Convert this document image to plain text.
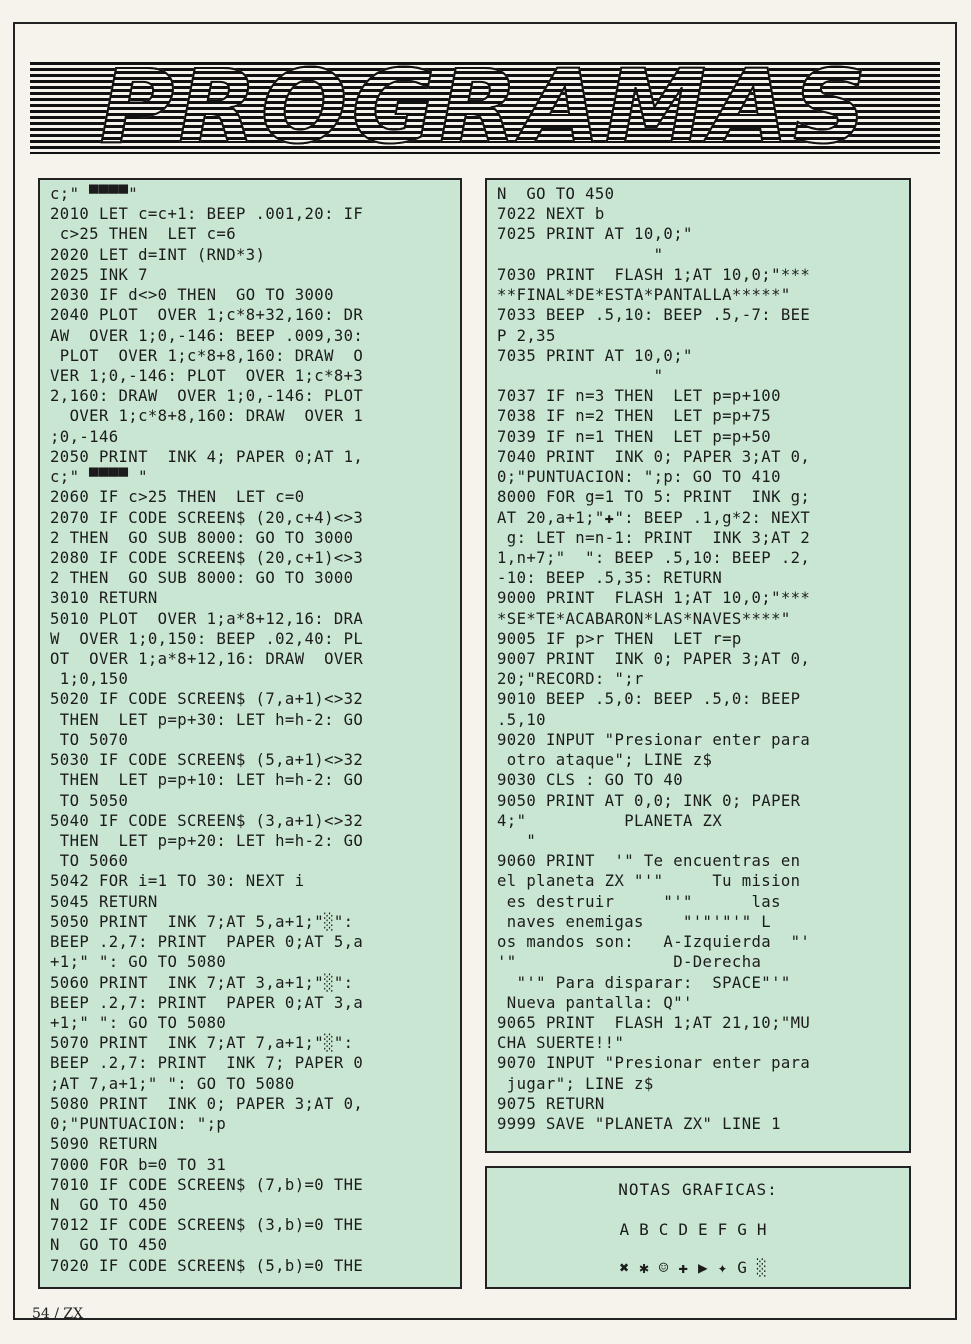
PROGRAMAS
c;" ▀▀▀▀"
2010 LET c=c+1: BEEP .001,20: IF
c>25 THEN  LET c=6
2020 LET d=INT (RND*3)
2025 INK 7
2030 IF d<>0 THEN  GO TO 3000
2040 PLOT  OVER 1;c*8+32,160: DR
AW  OVER 1;0,-146: BEEP .009,30:
PLOT  OVER 1;c*8+8,160: DRAW  O
VER 1;0,-146: PLOT  OVER 1;c*8+3
2,160: DRAW  OVER 1;0,-146: PLOT
OVER 1;c*8+8,160: DRAW  OVER 1
;0,-146
2050 PRINT  INK 4; PAPER 0;AT 1,
c;" ▀▀▀▀ "
2060 IF c>25 THEN  LET c=0
2070 IF CODE SCREEN$ (20,c+4)<>3
2 THEN  GO SUB 8000: GO TO 3000
2080 IF CODE SCREEN$ (20,c+1)<>3
2 THEN  GO SUB 8000: GO TO 3000
3010 RETURN
5010 PLOT  OVER 1;a*8+12,16: DRA
W  OVER 1;0,150: BEEP .02,40: PL
OT  OVER 1;a*8+12,16: DRAW  OVER
1;0,150
5020 IF CODE SCREEN$ (7,a+1)<>32
THEN  LET p=p+30: LET h=h-2: GO
TO 5070
5030 IF CODE SCREEN$ (5,a+1)<>32
THEN  LET p=p+10: LET h=h-2: GO
TO 5050
5040 IF CODE SCREEN$ (3,a+1)<>32
THEN  LET p=p+20: LET h=h-2: GO
TO 5060
5042 FOR i=1 TO 30: NEXT i
5045 RETURN
5050 PRINT  INK 7;AT 5,a+1;"░":
BEEP .2,7: PRINT  PAPER 0;AT 5,a
+1;" ": GO TO 5080
5060 PRINT  INK 7;AT 3,a+1;"░":
BEEP .2,7: PRINT  PAPER 0;AT 3,a
+1;" ": GO TO 5080
5070 PRINT  INK 7;AT 7,a+1;"░":
BEEP .2,7: PRINT  INK 7; PAPER 0
;AT 7,a+1;" ": GO TO 5080
5080 PRINT  INK 0; PAPER 3;AT 0,
0;"PUNTUACION: ";p
5090 RETURN
7000 FOR b=0 TO 31
7010 IF CODE SCREEN$ (7,b)=0 THE
N  GO TO 450
7012 IF CODE SCREEN$ (3,b)=0 THE
N  GO TO 450
7020 IF CODE SCREEN$ (5,b)=0 THE
N  GO TO 450
7022 NEXT b
7025 PRINT AT 10,0;"
"
7030 PRINT  FLASH 1;AT 10,0;"***
**FINAL*DE*ESTA*PANTALLA*****"
7033 BEEP .5,10: BEEP .5,-7: BEE
P 2,35
7035 PRINT AT 10,0;"
"
7037 IF n=3 THEN  LET p=p+100
7038 IF n=2 THEN  LET p=p+75
7039 IF n=1 THEN  LET p=p+50
7040 PRINT  INK 0; PAPER 3;AT 0,
0;"PUNTUACION: ";p: GO TO 410
8000 FOR g=1 TO 5: PRINT  INK g;
AT 20,a+1;"✚": BEEP .1,g*2: NEXT
g: LET n=n-1: PRINT  INK 3;AT 2
1,n+7;"  ": BEEP .5,10: BEEP .2,
-10: BEEP .5,35: RETURN
9000 PRINT  FLASH 1;AT 10,0;"***
*SE*TE*ACABARON*LAS*NAVES****"
9005 IF p>r THEN  LET r=p
9007 PRINT  INK 0; PAPER 3;AT 0,
20;"RECORD: ";r
9010 BEEP .5,0: BEEP .5,0: BEEP
.5,10
9020 INPUT "Presionar enter para
otro ataque"; LINE z$
9030 CLS : GO TO 40
9050 PRINT AT 0,0; INK 0; PAPER
4;"          PLANETA ZX
"
9060 PRINT  '" Te encuentras en
el planeta ZX "'"     Tu mision
es destruir     "'"      las
naves enemigas    "'"'"'" L
os mandos son:   A-Izquierda  "'
'"                D-Derecha
"'" Para disparar:  SPACE"'"
Nueva pantalla: Q"'
9065 PRINT  FLASH 1;AT 21,10;"MU
CHA SUERTE!!"
9070 INPUT "Presionar enter para
jugar"; LINE z$
9075 RETURN
9999 SAVE "PLANETA ZX" LINE 1
NOTAS GRAFICAS:
ABCDEFGH
✖✱☺✚▶✦G░
54 / ZX
